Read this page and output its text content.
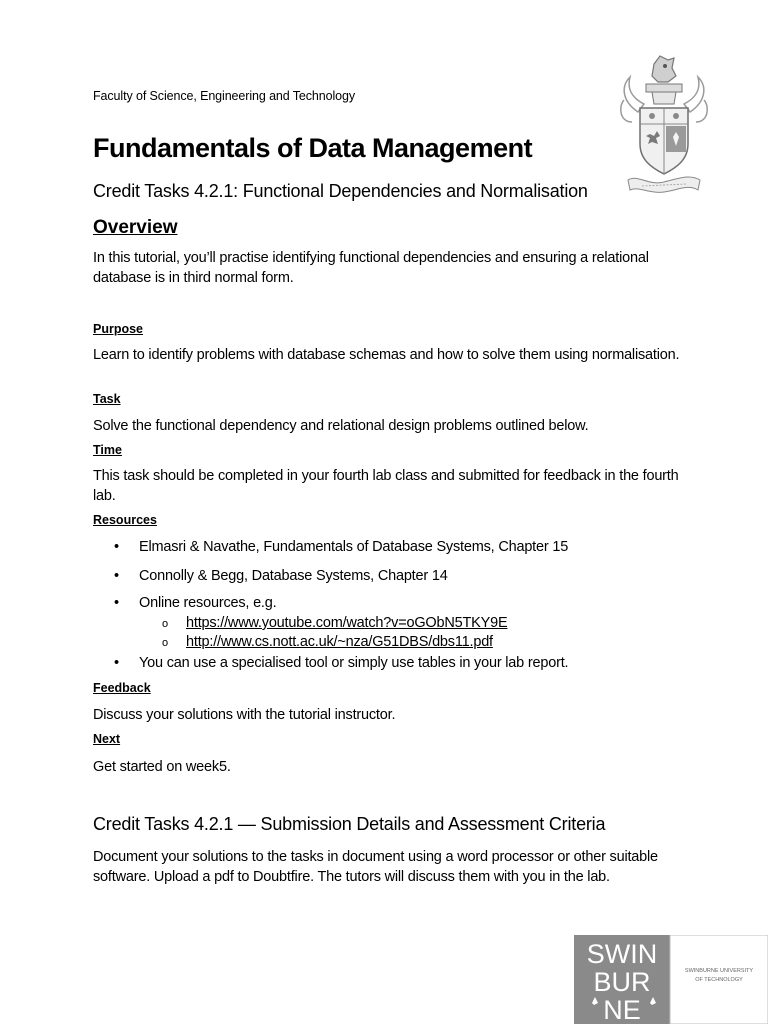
Faculty of Science, Engineering and Technology
Fundamentals of Data Management
Credit Tasks 4.2.1: Functional Dependencies and Normalisation
Overview
In this tutorial, you’ll practise identifying functional dependencies and ensuring a relational database is in third normal form.
Purpose
Learn to identify problems with database schemas and how to solve them using normalisation.
Task
Solve the functional dependency and relational design problems outlined below.
Time
This task should be completed in your fourth lab class and submitted for feedback in the fourth lab.
Resources
• Elmasri & Navathe, Fundamentals of Database Systems, Chapter 15
• Connolly & Begg, Database Systems, Chapter 14
• Online resources, e.g.
o https://www.youtube.com/watch?v=oGObN5TKY9E
o http://www.cs.nott.ac.uk/~nza/G51DBS/dbs11.pdf
• You can use a specialised tool or simply use tables in your lab report.
Feedback
Discuss your solutions with the tutorial instructor.
Next
Get started on week5.
Credit Tasks 4.2.1 — Submission Details and Assessment Criteria
Document your solutions to the tasks in document using a word processor or other suitable software. Upload a pdf to Doubtfire. The tutors will discuss them with you in the lab.
SWIN
BUR
NE
SWINBURNE UNIVERSITY
OF TECHNOLOGY
